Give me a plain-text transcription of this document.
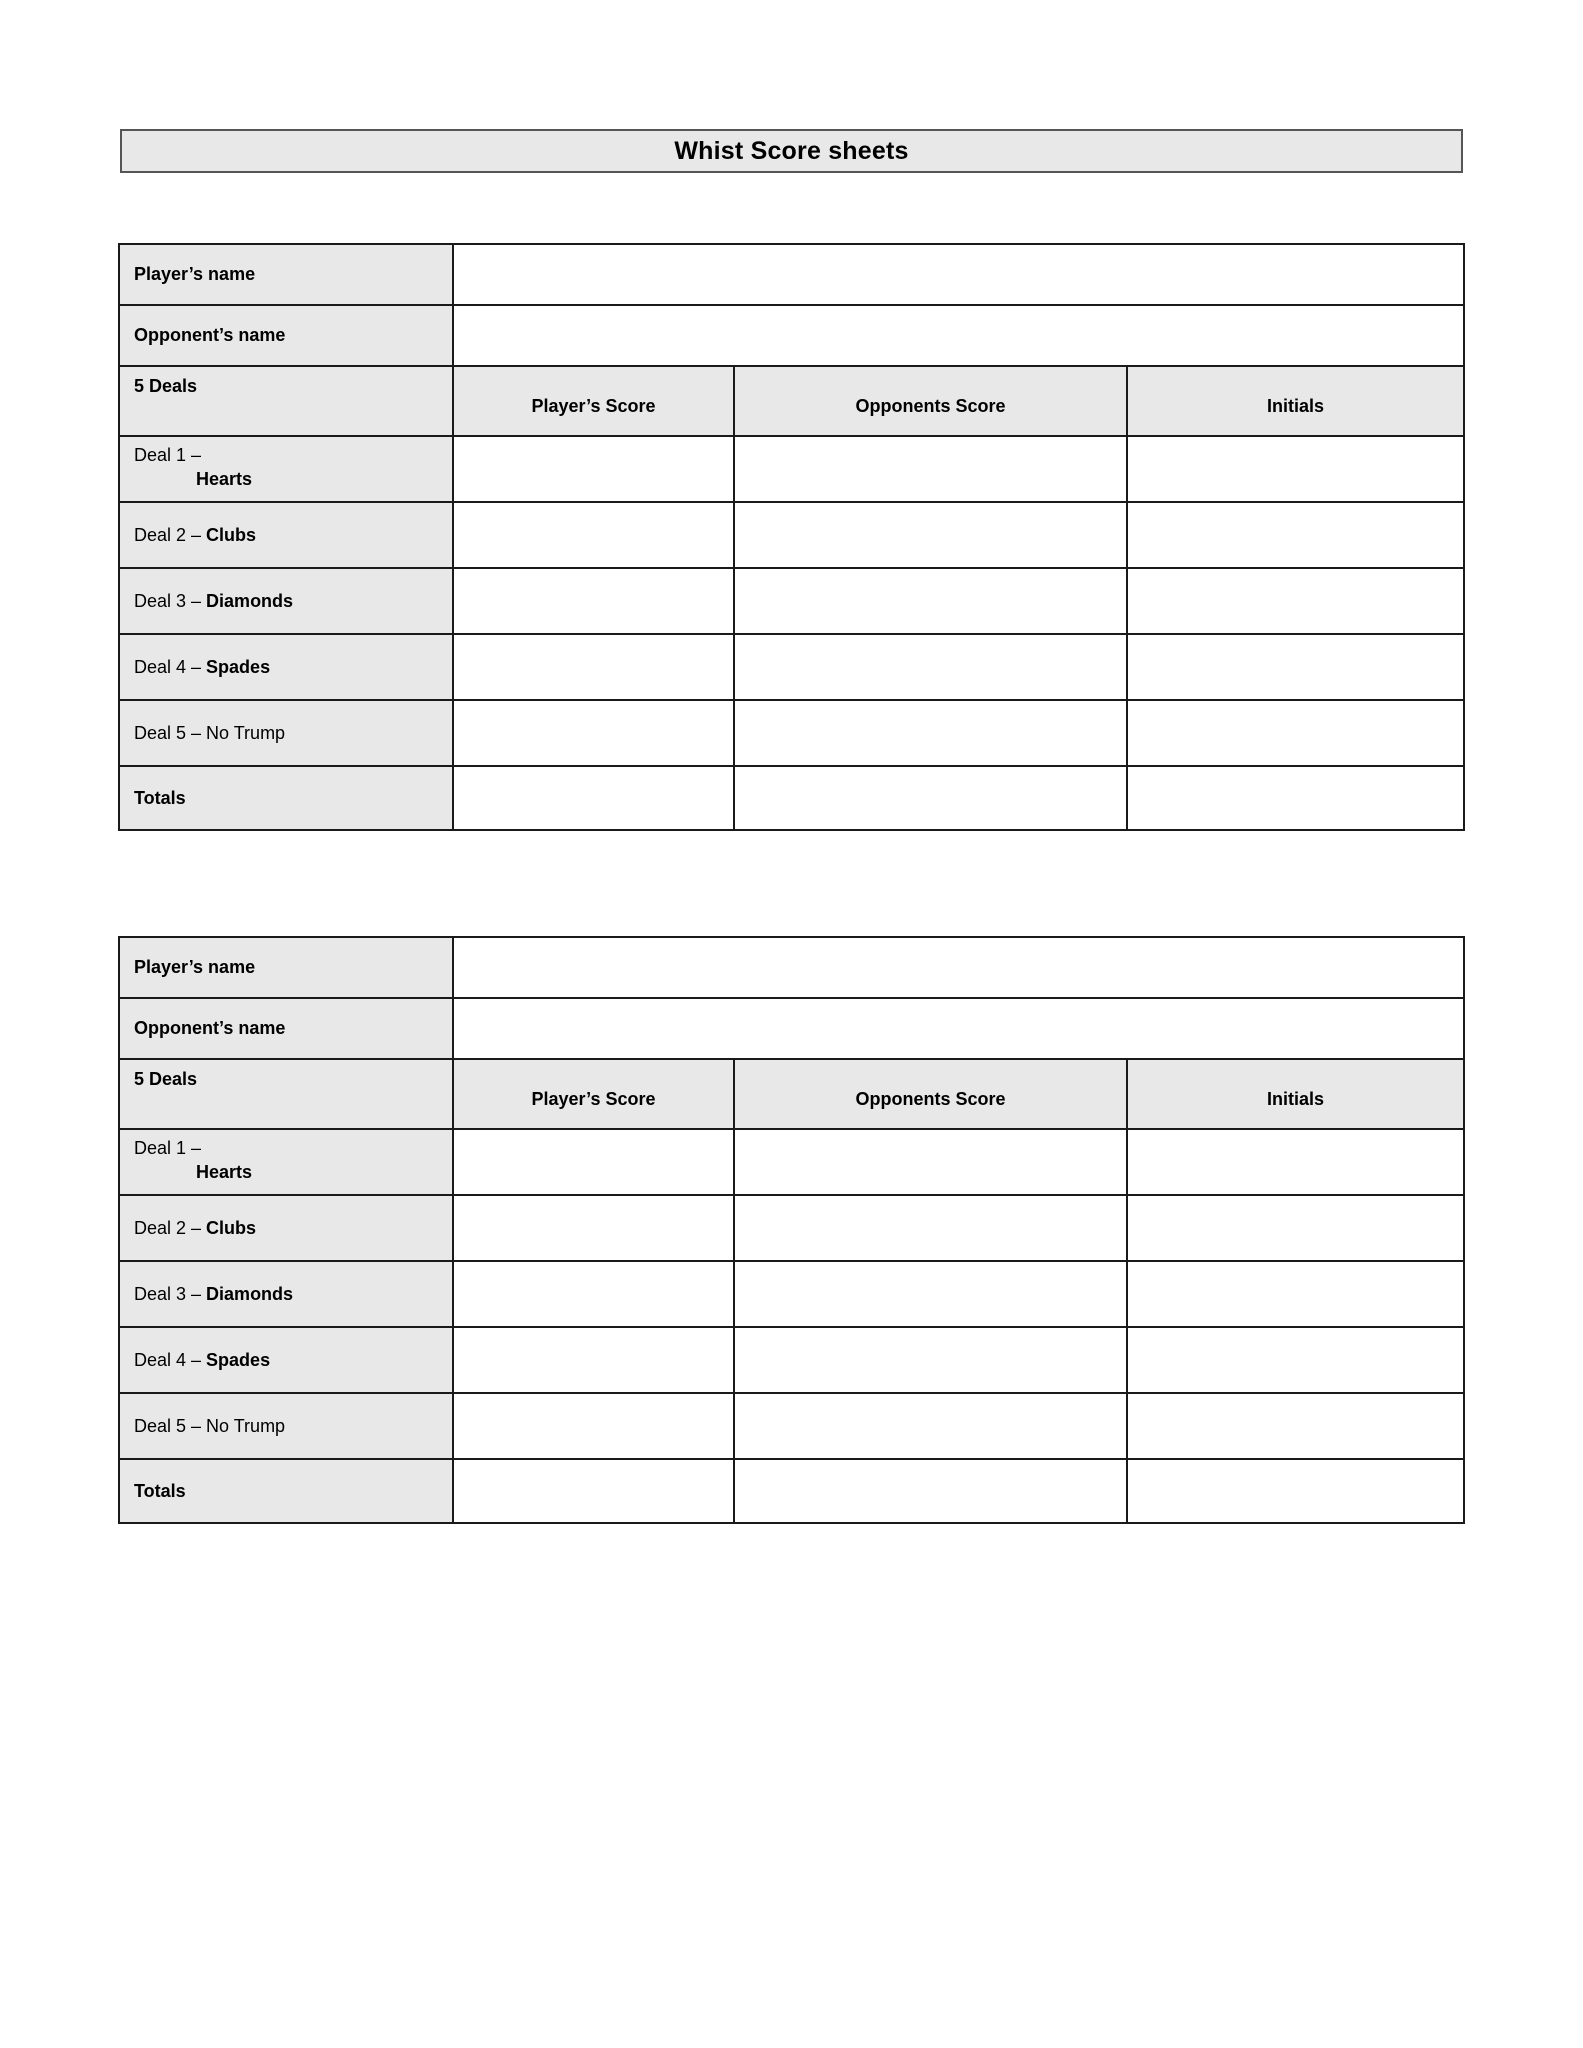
Whist Score sheets
Player’s name			
Opponent’s name			
5 Deals	Player’s Score	Opponents Score	Initials
Deal 1 –
Hearts			

Deal 2 – Clubs			
Deal 3 – Diamonds			
Deal 4 – Spades			
Deal 5 – No Trump			
Totals			
Player’s name			
Opponent’s name			
5 Deals	Player’s Score	Opponents Score	Initials
Deal 1 –
Hearts			

Deal 2 – Clubs			
Deal 3 – Diamonds			
Deal 4 – Spades			
Deal 5 – No Trump			
Totals			
